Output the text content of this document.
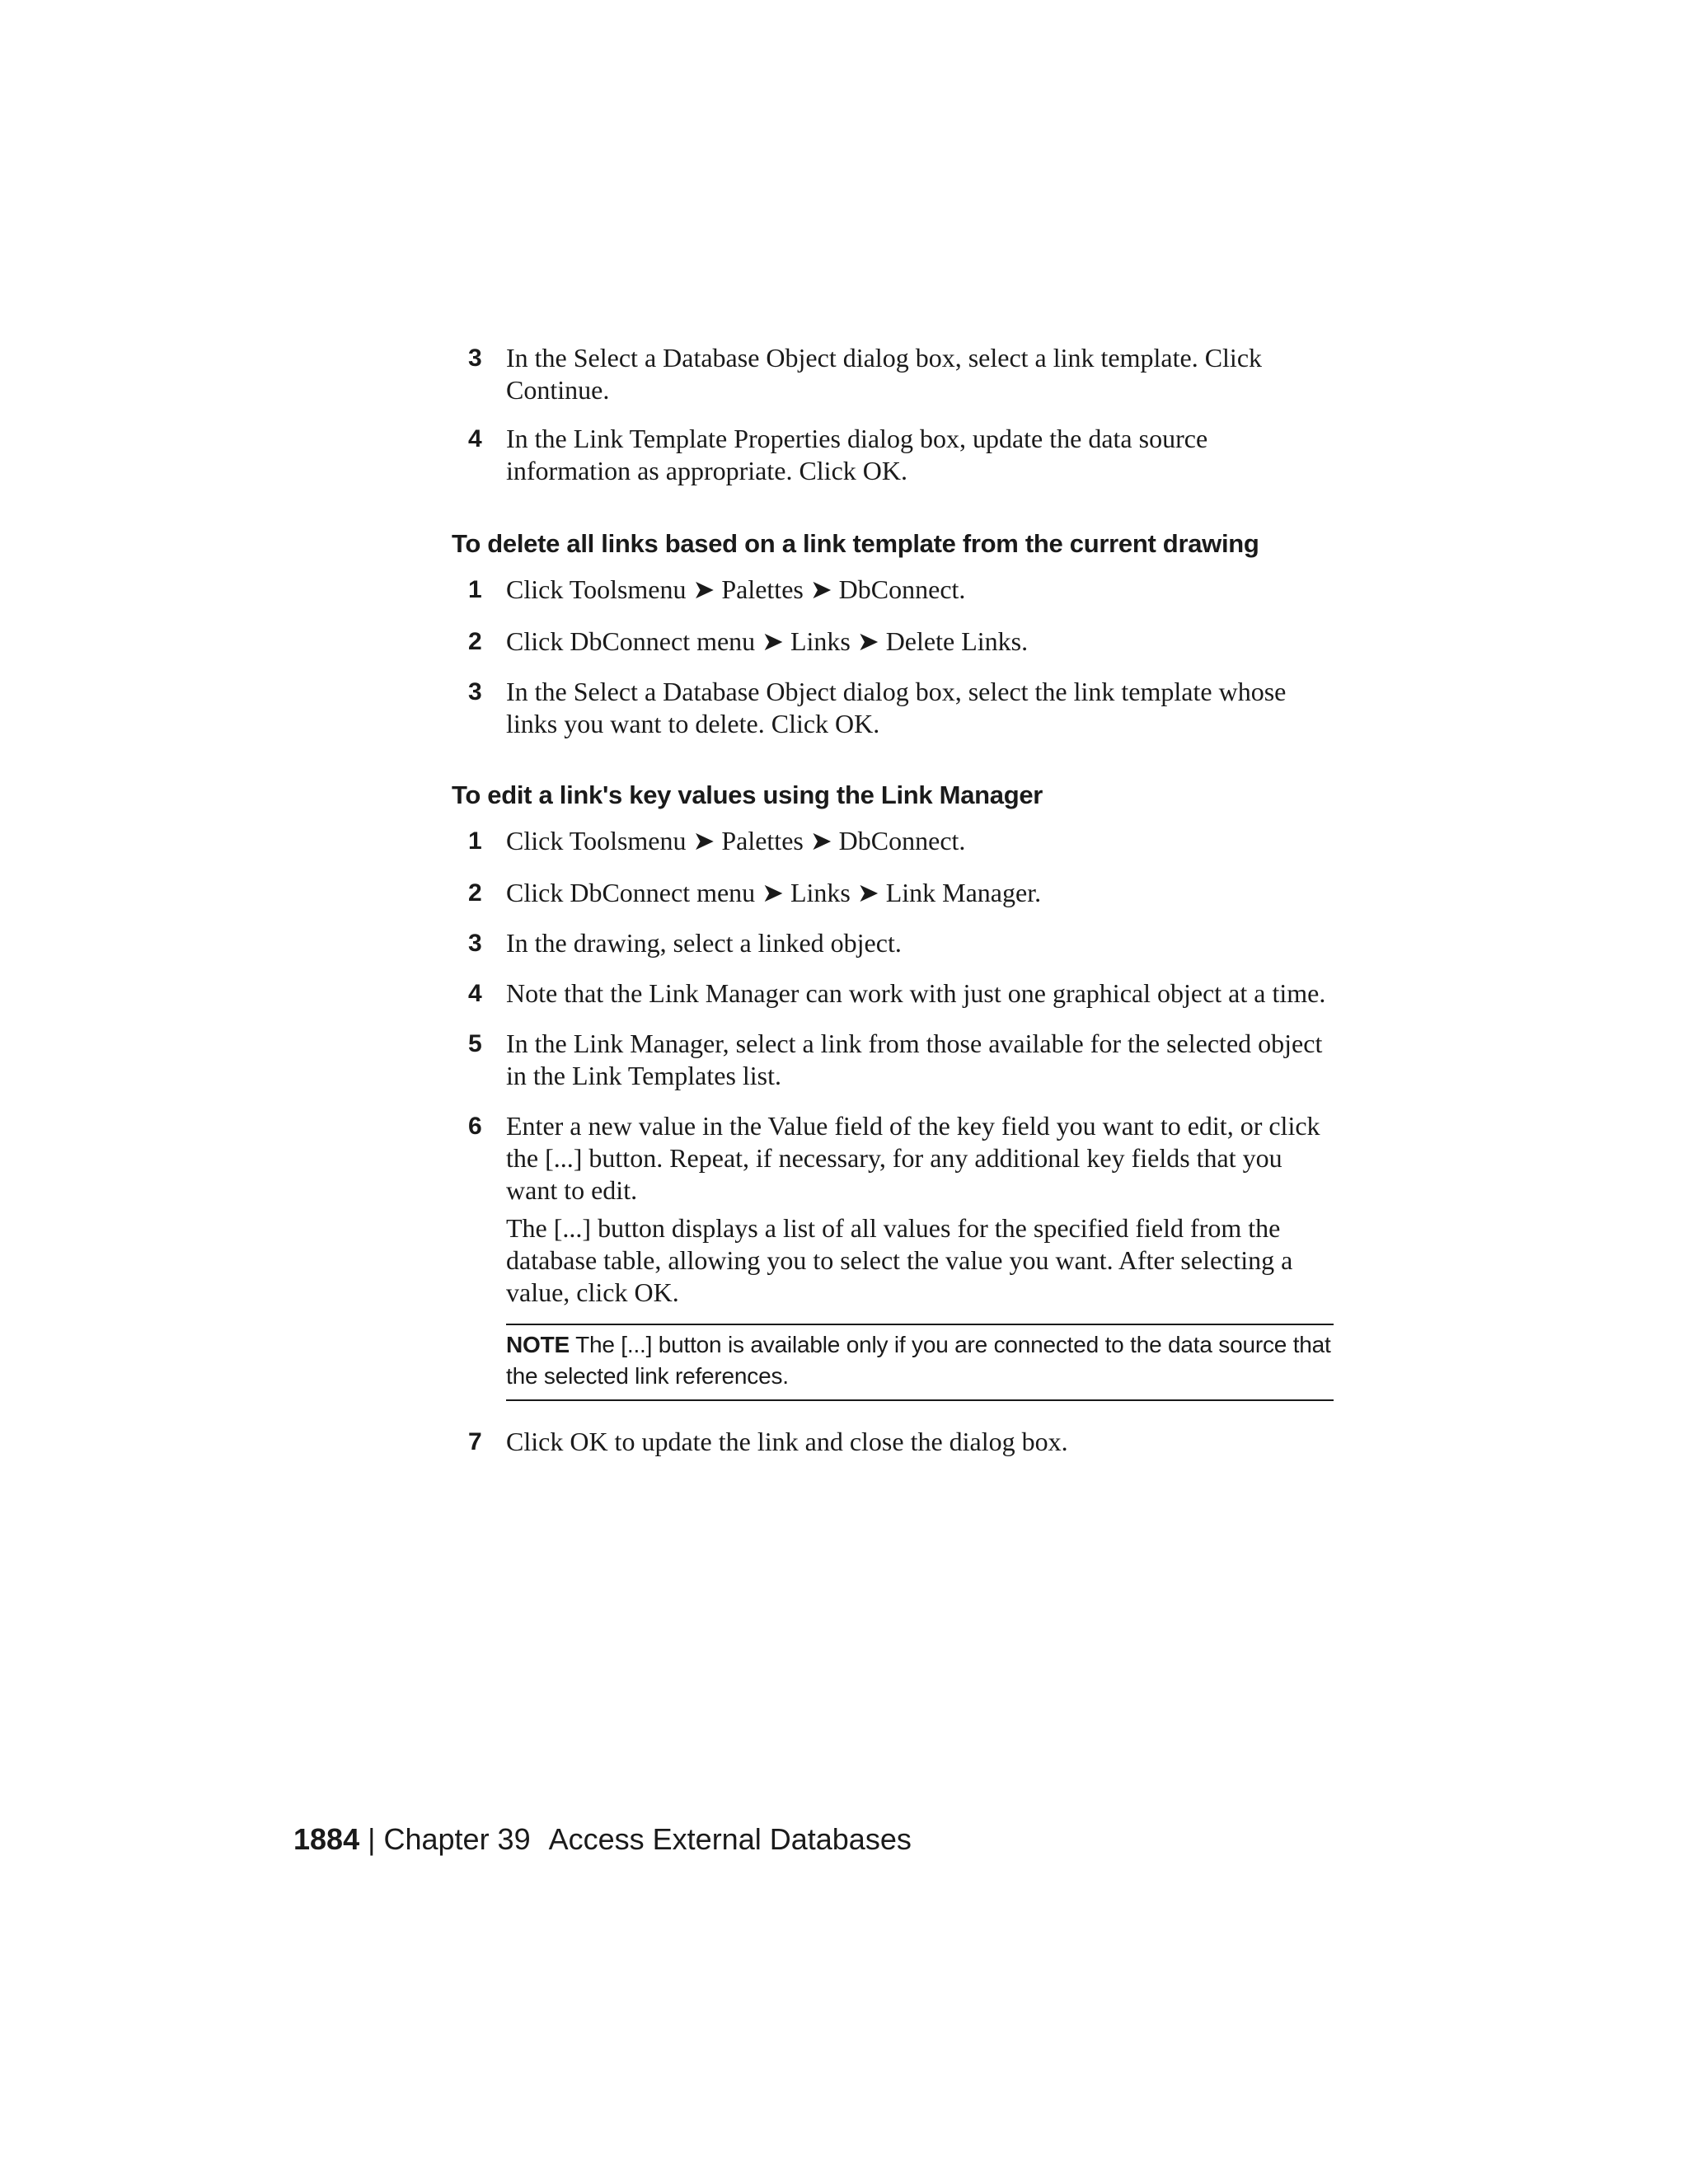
3 In the Select a Database Object dialog box, select a link template. Click Continue.
4 In the Link Template Properties dialog box, update the data source information as appropriate. Click OK.
To delete all links based on a link template from the current drawing
1 Click Toolsmenu ➤ Palettes ➤ DbConnect.
2 Click DbConnect menu ➤ Links ➤ Delete Links.
3 In the Select a Database Object dialog box, select the link template whose links you want to delete. Click OK.
To edit a link's key values using the Link Manager
1 Click Toolsmenu ➤ Palettes ➤ DbConnect.
2 Click DbConnect menu ➤ Links ➤ Link Manager.
3 In the drawing, select a linked object.
4 Note that the Link Manager can work with just one graphical object at a time.
5 In the Link Manager, select a link from those available for the selected object in the Link Templates list.
6 Enter a new value in the Value field of the key field you want to edit, or click the [...] button. Repeat, if necessary, for any additional key fields that you want to edit.
The [...] button displays a list of all values for the specified field from the database table, allowing you to select the value you want. After selecting a value, click OK.
NOTE The [...] button is available only if you are connected to the data source that the selected link references.
7 Click OK to update the link and close the dialog box.
1884 | Chapter 39 Access External Databases
